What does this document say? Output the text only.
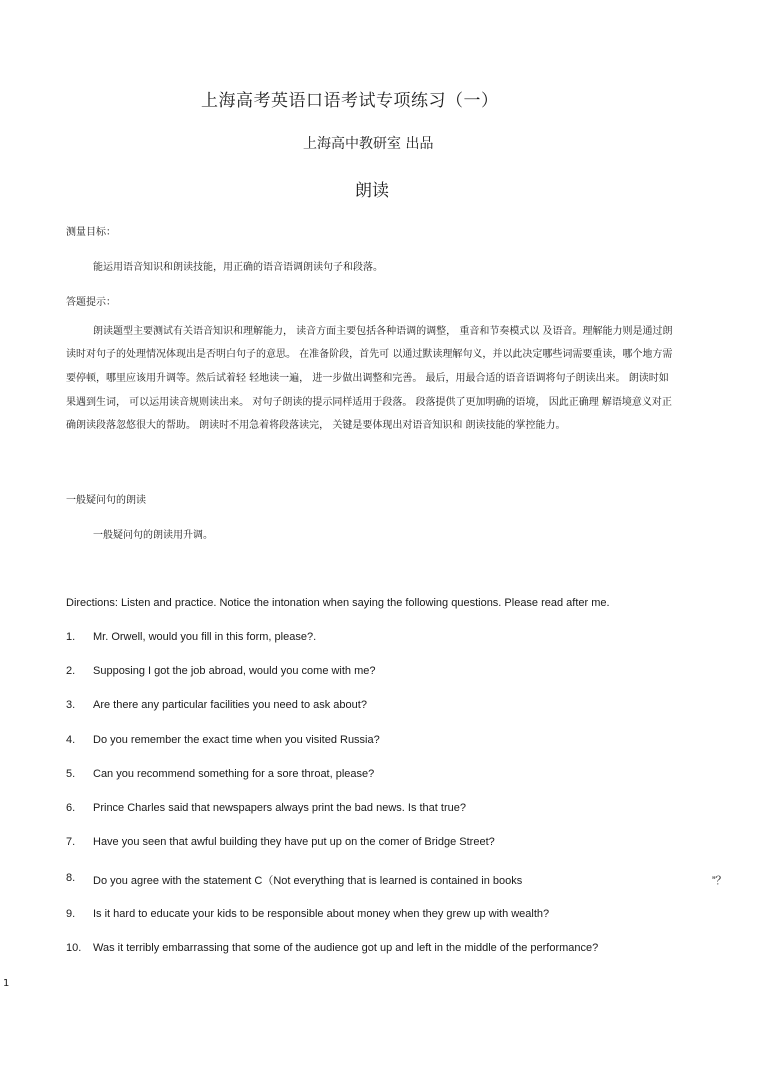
上海高考英语口语考试专项练习（一）
上海高中教研室 出品
朗读
测量目标：
能运用语音知识和朗读技能，用正确的语音语调朗读句子和段落。
答题提示：
朗读题型主要测试有关语音知识和理解能力， 读音方面主要包括各种语调的调整， 重音和节奏模式以 及语音。理解能力则是通过朗
读时对句子的处理情况体现出是否明白句子的意思。 在准备阶段，首先可 以通过默读理解句义，并以此决定哪些词需要重读，哪个地方需
要停顿，哪里应该用升调等。然后试着轻 轻地读一遍， 进一步做出调整和完善。 最后，用最合适的语音语调将句子朗读出来。 朗读时如
果遇到生词， 可以运用读音规则读出来。 对句子朗读的提示同样适用于段落。 段落提供了更加明确的语境， 因此正确理 解语境意义对正
确朗读段落忽悠很大的帮助。 朗读时不用急着将段落读完， 关键是要体现出对语音知识和 朗读技能的掌控能力。
一般疑问句的朗读
一般疑问句的朗读用升调。
Directions: Listen and practice. Notice the intonation when saying the following questions. Please read after me.
1. Mr. Orwell, would you fill in this form, please?.
2. Supposing I got the job abroad, would you come with me?
3. Are there any particular facilities you need to ask about?
4. Do you remember the exact time when you visited Russia?
5. Can you recommend something for a sore throat, please?
6. Prince Charles said that newspapers always print the bad news. Is that true?
7. Have you seen that awful building they have put up on the comer of Bridge Street?
8. Do you agree with the statement C（Not everything that is learned is contained in books	”？
9. Is it hard to educate your kids to be responsible about money when they grew up with wealth?
10. Was it terribly embarrassing that some of the audience got up and left in the middle of the performance?
1
